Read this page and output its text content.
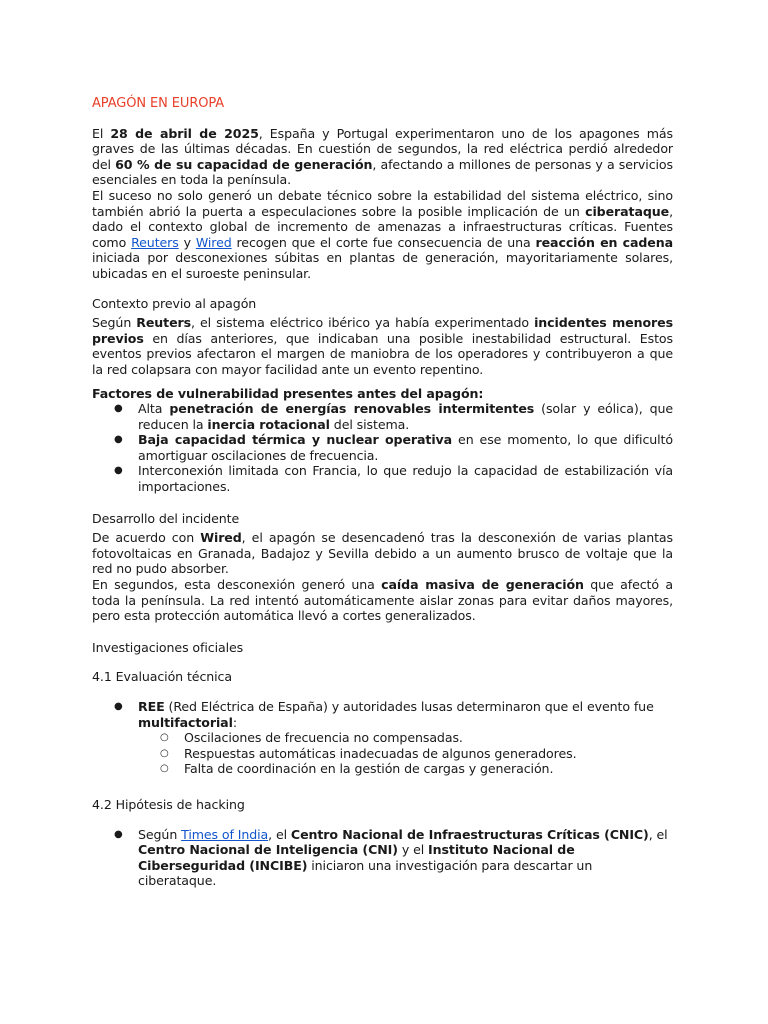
APAGÓN EN EUROPA

El 28 de abril de 2025, España y Portugal experimentaron uno de los apagones más graves de las últimas décadas. En cuestión de segundos, la red eléctrica perdió alrededor del 60 % de su capacidad de generación, afectando a millones de personas y a servicios esenciales en toda la península.

El suceso no solo generó un debate técnico sobre la estabilidad del sistema eléctrico, sino también abrió la puerta a especulaciones sobre la posible implicación de un ciberataque, dado el contexto global de incremento de amenazas a infraestructuras críticas. Fuentes como Reuters y Wired recogen que el corte fue consecuencia de una reacción en cadena iniciada por desconexiones súbitas en plantas de generación, mayoritariamente solares, ubicadas en el suroeste peninsular.

Contexto previo al apagón

Según Reuters, el sistema eléctrico ibérico ya había experimentado incidentes menores previos en días anteriores, que indicaban una posible inestabilidad estructural. Estos eventos previos afectaron el margen de maniobra de los operadores y contribuyeron a que la red colapsara con mayor facilidad ante un evento repentino.

Factores de vulnerabilidad presentes antes del apagón:

● Alta penetración de energías renovables intermitentes (solar y eólica), que reducen la inercia rotacional del sistema.
● Baja capacidad térmica y nuclear operativa en ese momento, lo que dificultó amortiguar oscilaciones de frecuencia.
● Interconexión limitada con Francia, lo que redujo la capacidad de estabilización vía importaciones.

Desarrollo del incidente

De acuerdo con Wired, el apagón se desencadenó tras la desconexión de varias plantas fotovoltaicas en Granada, Badajoz y Sevilla debido a un aumento brusco de voltaje que la red no pudo absorber.

En segundos, esta desconexión generó una caída masiva de generación que afectó a toda la península. La red intentó automáticamente aislar zonas para evitar daños mayores, pero esta protección automática llevó a cortes generalizados.

Investigaciones oficiales

4.1 Evaluación técnica

● REE (Red Eléctrica de España) y autoridades lusas determinaron que el evento fue multifactorial:
○ Oscilaciones de frecuencia no compensadas.
○ Respuestas automáticas inadecuadas de algunos generadores.
○ Falta de coordinación en la gestión de cargas y generación.

4.2 Hipótesis de hacking

● Según Times of India, el Centro Nacional de Infraestructuras Críticas (CNIC), el Centro Nacional de Inteligencia (CNI) y el Instituto Nacional de Ciberseguridad (INCIBE) iniciaron una investigación para descartar un ciberataque.
